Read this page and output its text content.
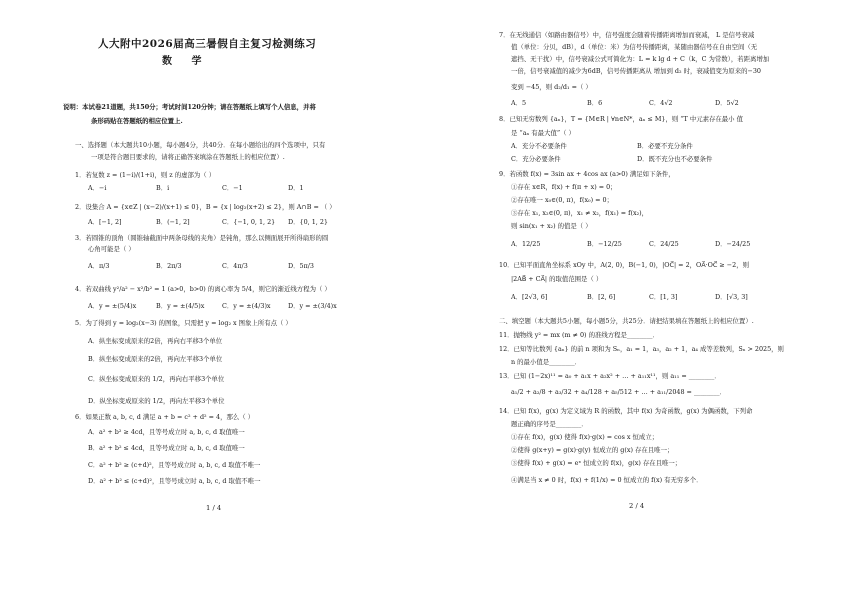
人大附中2026届高三暑假自主复习检测练习
数 学
说明：本试卷21道题，共150分；考试时间120分钟；请在答题纸上填写个人信息，并将
条形码贴在答题纸的相应位置上.
一、选择题（本大题共10小题，每小题4分，共40分．在每小题给出的四个选项中，只有
一项是符合题目要求的，请将正确答案填涂在答题纸上的相应位置）.
1．若复数 z = (1−i)/(1+i)，则 z 的虚部为（ ）
A．−i	B．i	C．−1	D．1
2．设集合 A = {x∈Z | (x−2)/(x+1) ≤ 0}，B = {x | log₂(x+2) ≤ 2}，则 A∩B = （ ）
A．[−1, 2]	B．(−1, 2]	C．{−1, 0, 1, 2} D．{0, 1, 2}
3．若圆锥的顶角（圆锥轴截面中两条母线的夹角）是钝角，那么以侧面展开所得扇形的圆
心角可能是（ ）
A．π/3	B．2π/3	C．4π/3	D．5π/3
4．若双曲线 y²/a² − x²/b² = 1 (a>0，b>0) 的离心率为 5/4，则它的渐近线方程为（ ）
A．y = ±(5/4)x	B．y = ±(4/5)x	C．y = ±(4/3)x	D．y = ±(3/4)x
5．为了得到 y = log₂(x−3) 的图象，只需把 y = log₂ x 图象上所有点（ ）
A．纵坐标变成原来的2倍，再向右平移3个单位
B．纵坐标变成原来的2倍，再向左平移3个单位
C．纵坐标变成原来的 1/2，再向右平移3个单位
D．纵坐标变成原来的 1/2，再向左平移3个单位
6．如果正数 a, b, c, d 满足 a + b = c² + d² = 4，那么（ ）
A．a² + b² ≥ 4cd，且等号成立时 a, b, c, d 取值唯一
B．a² + b² ≤ 4cd，且等号成立时 a, b, c, d 取值唯一
C．a² + b² ≥ (c+d)²，且等号成立时 a, b, c, d 取值不唯一
D．a² + b² ≤ (c+d)²，且等号成立时 a, b, c, d 取值不唯一
1 / 4
7．在无线通信（如路由器信号）中，信号强度会随着传播距离增加而衰减， L 是信号衰减
值（单位：分贝，dB），d（单位：米）为信号传播距离，某随由器信号在自由空间（无
遮挡、无干扰）中，信号衰减公式可简化为：L = k lg d + C（k，C 为常数），若距离增加
一倍，信号衰减值的减少为6dB，信号传播距离从 增加到 d₂ 时，衰减值变为原来的−30
变到 −45，则 d₂/d₁ =（ ）
A．5	B．6	C．4√2	D．5√2
8．已知无穷数列 {aₙ}，T = {M∈R | ∀n∈N*，aₙ ≤ M}，则 “T 中元素存在最小 值
是 “aₙ 有最大值”（ ）
A．充分不必要条件	B．必要不充分条件
C．充分必要条件	D．既不充分也不必要条件
9．若函数 f(x) = 3sin ax + 4cos ax (a>0) 满足如下条件，
①存在 x∈R，f(x) + f(π + x) = 0；
②存在唯一 x₀∈(0, π)，f(x₀) = 0；
③存在 x₁, x₂∈(0, π)，x₁ ≠ x₂，f(x₁) = f(x₂)，
则 sin(x₁ + x₂) 的值是（ ）
A．12/25	B．−12/25	C．24/25	D．−24/25
10．已知平面直角坐标系 xOy 中，A(2, 0)，B(−1, 0)，|OC⃗| = 2，OA⃗·OC⃗ ≥ −2，则
|2AB⃗ + CA⃗| 的取值范围是（ ）
A．[2√3, 6]	B．[2, 6]	C．[1, 3]	D．[√3, 3]
二、填空题（本大题共5小题，每小题5分，共25分．请把结果填在答题纸上的相应位置）.
11．抛物线 y² = mx (m ≠ 0) 的准线方程是________．
12．已知等比数列 {aₙ} 的前 n 项和为 Sₙ，a₁ = 1，a₃，a₂ + 1，a₄ 成等差数列，Sₙ > 2025，则
n 的最小值是________．
13．已知 (1−2x)¹¹ = a₀ + a₁x + a₂x² + … + a₁₁x¹¹，则 a₁₁ = ________．
a₁/2 + a₂/8 + a₃/32 + a₄/128 + a₅/512 + … + a₁₁/2048 = ________．
14．已知 f(x)，g(x) 为定义域为 R 的函数，其中 f(x) 为奇函数，g(x) 为偶函数，下列命
题正确的序号是________．
①存在 f(x)，g(x) 使得 f(x)·g(x) = cos x 恒成立；
②使得 g(x+y) = g(x)·g(y) 恒成立的 g(x) 存在且唯一；
③使得 f(x) + g(x) = eˣ 恒成立的 f(x)，g(x) 存在且唯一；
④满足当 x ≠ 0 时，f(x) + f(1/x) = 0 恒成立的 f(x) 有无穷多个．
2 / 4
